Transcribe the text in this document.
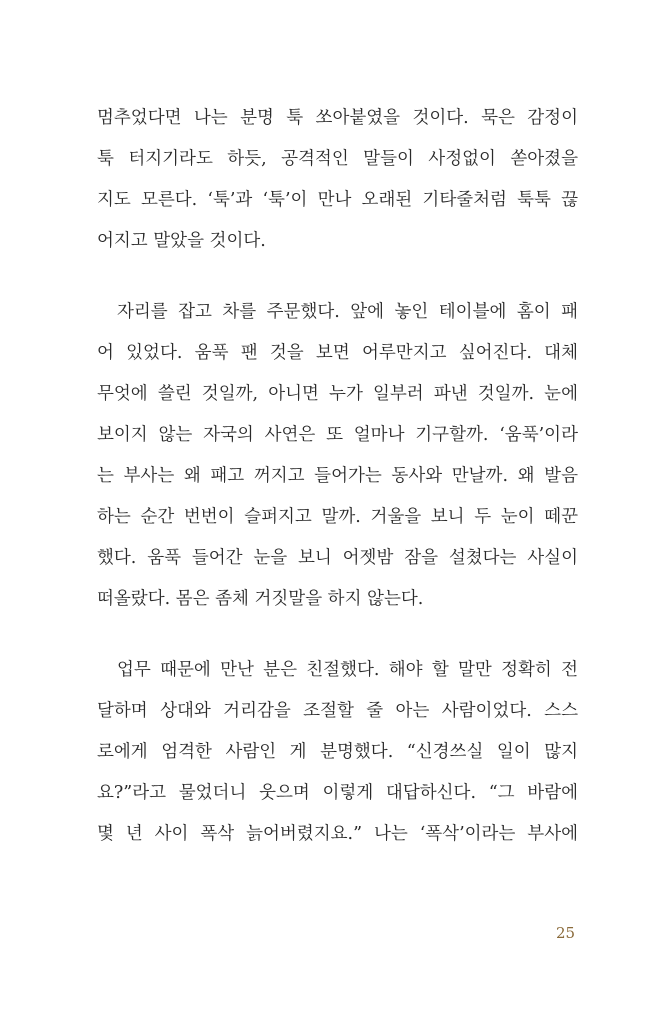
멈추었다면 나는 분명 툭 쏘아붙였을 것이다. 묵은 감정이
툭 터지기라도 하듯, 공격적인 말들이 사정없이 쏟아졌을
지도 모른다. ‘툭’과 ‘툭’이 만나 오래된 기타줄처럼 툭툭 끊
어지고 말았을 것이다.
자리를 잡고 차를 주문했다. 앞에 놓인 테이블에 홈이 패
어 있었다. 움푹 팬 것을 보면 어루만지고 싶어진다. 대체
무엇에 쓸린 것일까, 아니면 누가 일부러 파낸 것일까. 눈에
보이지 않는 자국의 사연은 또 얼마나 기구할까. ‘움푹’이라
는 부사는 왜 패고 꺼지고 들어가는 동사와 만날까. 왜 발음
하는 순간 번번이 슬퍼지고 말까. 거울을 보니 두 눈이 떼꾼
했다. 움푹 들어간 눈을 보니 어젯밤 잠을 설쳤다는 사실이
떠올랐다. 몸은 좀체 거짓말을 하지 않는다.
업무 때문에 만난 분은 친절했다. 해야 할 말만 정확히 전
달하며 상대와 거리감을 조절할 줄 아는 사람이었다. 스스
로에게 엄격한 사람인 게 분명했다. “신경쓰실 일이 많지
요?”라고 물었더니 웃으며 이렇게 대답하신다. “그 바람에
몇 년 사이 폭삭 늙어버렸지요.” 나는 ‘폭삭’이라는 부사에
25
